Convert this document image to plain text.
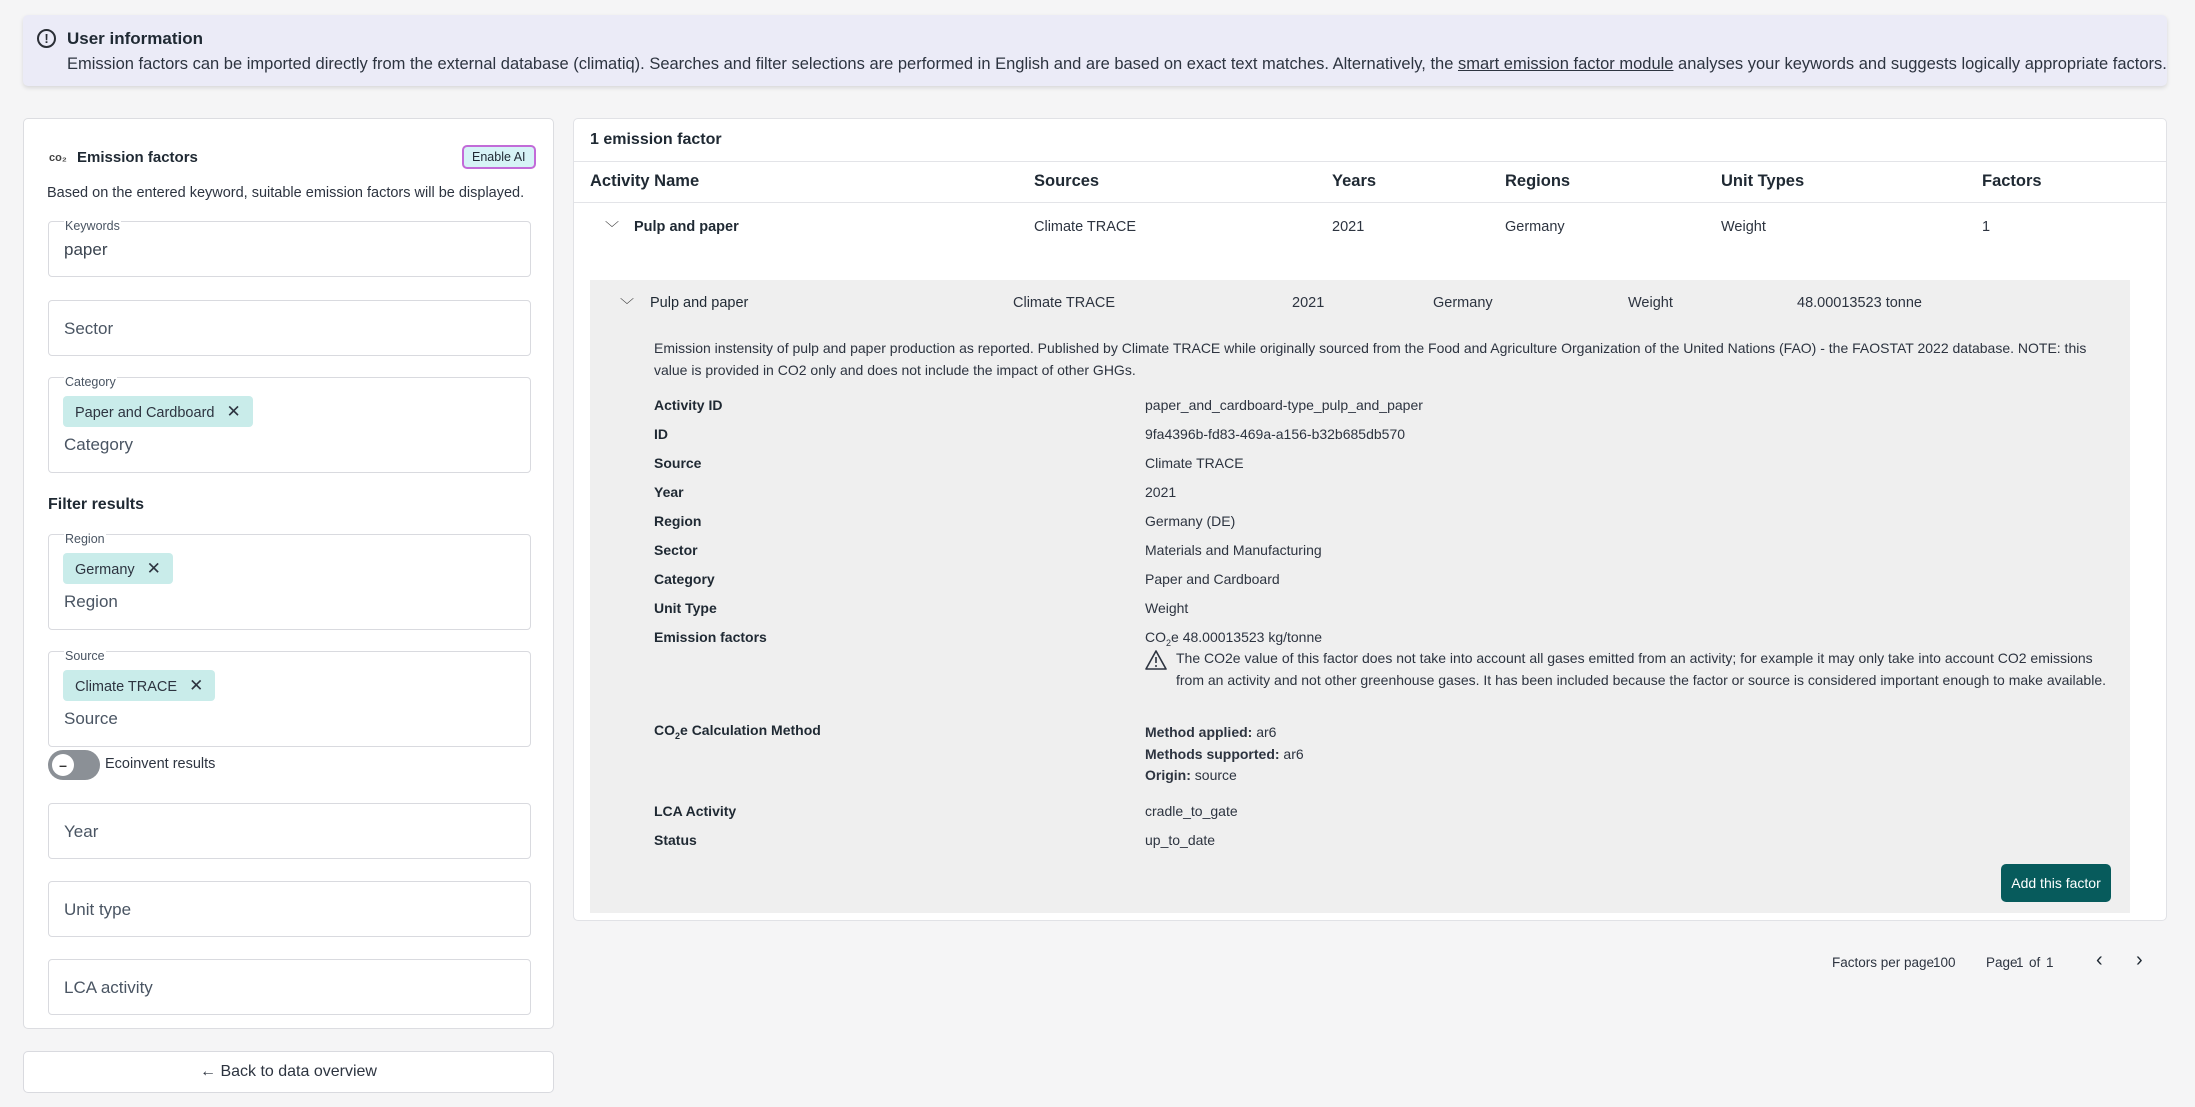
!	User information
Emission factors can be imported directly from the external database (climatiq). Searches and filter selections are performed in English and are based on exact text matches. Alternatively, the smart emission factor module analyses your keywords and suggests logically appropriate factors.
co₂ Emission factors	Enable AI
Based on the entered keyword, suitable emission factors will be displayed.
Keywords
paper
Sector
Category
Paper and Cardboard ✕
Category
Filter results
Region
Germany ✕
Region
Source
Climate TRACE ✕
Source
–	Ecoinvent results
Year
Unit type
LCA activity
← Back to data overview
1 emission factor
Activity Name	Sources	Years	Regions	Unit Types	Factors
﹀ Pulp and paper	Climate TRACE	2021	Germany	Weight	1
﹀ Pulp and paper	Climate TRACE	2021	Germany	Weight	48.00013523 tonne
Emission instensity of pulp and paper production as reported. Published by Climate TRACE while originally sourced from the Food and Agriculture Organization of the United Nations (FAO) - the FAOSTAT 2022 database. NOTE: this value is provided in CO2 only and does not include the impact of other GHGs.
Activity ID	paper_and_cardboard-type_pulp_and_paper
ID	9fa4396b-fd83-469a-a156-b32b685db570
Source	Climate TRACE
Year	2021
Region	Germany (DE)
Sector	Materials and Manufacturing
Category	Paper and Cardboard
Unit Type	Weight
Emission factors	$CO_2e$ 48.00013523 kg/tonne
The CO2e value of this factor does not take into account all gases emitted from an activity; for example it may only take into account CO2 emissions from an activity and not other greenhouse gases. It has been included because the factor or source is considered important enough to make available.
$CO_2e$ Calculation Method	Method applied: ar6
Methods supported: ar6
Origin: source
LCA Activity	cradle_to_gate
Status	up_to_date
Add this factor
Factors per page
100 Page
1 of 1 ‹ ›
